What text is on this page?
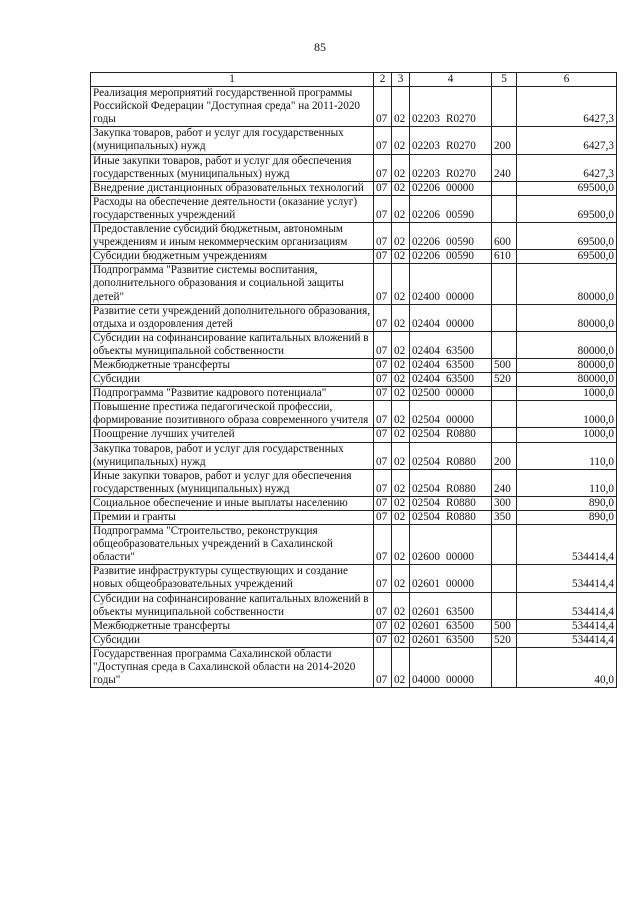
85
1	2	3	4	5	6
Реализация мероприятий государственной программы Российской Федерации "Доступная среда" на 2011-2020 годы	07	02	02203 R0270		6427,3
Закупка товаров, работ и услуг для государственных (муниципальных) нужд	07	02	02203 R0270	200	6427,3
Иные закупки товаров, работ и услуг для обеспечения государственных (муниципальных) нужд	07	02	02203 R0270	240	6427,3
Внедрение дистанционных образовательных технологий	07	02	02206 00000		69500,0
Расходы на обеспечение деятельности (оказание услуг) государственных учреждений	07	02	02206 00590		69500,0
Предоставление субсидий бюджетным, автономным учреждениям и иным некоммерческим организациям	07	02	02206 00590	600	69500,0
Субсидии бюджетным учреждениям	07	02	02206 00590	610	69500,0
Подпрограмма "Развитие системы воспитания, дополнительного образования и социальной защиты детей"	07	02	02400 00000		80000,0
Развитие сети учреждений дополнительного образования, отдыха и оздоровления детей	07	02	02404 00000		80000,0
Субсидии на софинансирование капитальных вложений в объекты муниципальной собственности	07	02	02404 63500		80000,0
Межбюджетные трансферты	07	02	02404 63500	500	80000,0
Субсидии	07	02	02404 63500	520	80000,0
Подпрограмма "Развитие кадрового потенциала"	07	02	02500 00000		1000,0
Повышение престижа педагогической профессии, формирование позитивного образа современного учителя	07	02	02504 00000		1000,0
Поощрение лучших учителей	07	02	02504 R0880		1000,0
Закупка товаров, работ и услуг для государственных (муниципальных) нужд	07	02	02504 R0880	200	110,0
Иные закупки товаров, работ и услуг для обеспечения государственных (муниципальных) нужд	07	02	02504 R0880	240	110,0
Социальное обеспечение и иные выплаты населению	07	02	02504 R0880	300	890,0
Премии и гранты	07	02	02504 R0880	350	890,0
Подпрограмма "Строительство, реконструкция общеобразовательных учреждений в Сахалинской области"	07	02	02600 00000		534414,4
Развитие инфраструктуры существующих и создание новых общеобразовательных учреждений	07	02	02601 00000		534414,4
Субсидии на софинансирование капитальных вложений в объекты муниципальной собственности	07	02	02601 63500		534414,4
Межбюджетные трансферты	07	02	02601 63500	500	534414,4
Субсидии	07	02	02601 63500	520	534414,4
Государственная программа Сахалинской области "Доступная среда в Сахалинской области на 2014-2020 годы"	07	02	04000 00000		40,0
